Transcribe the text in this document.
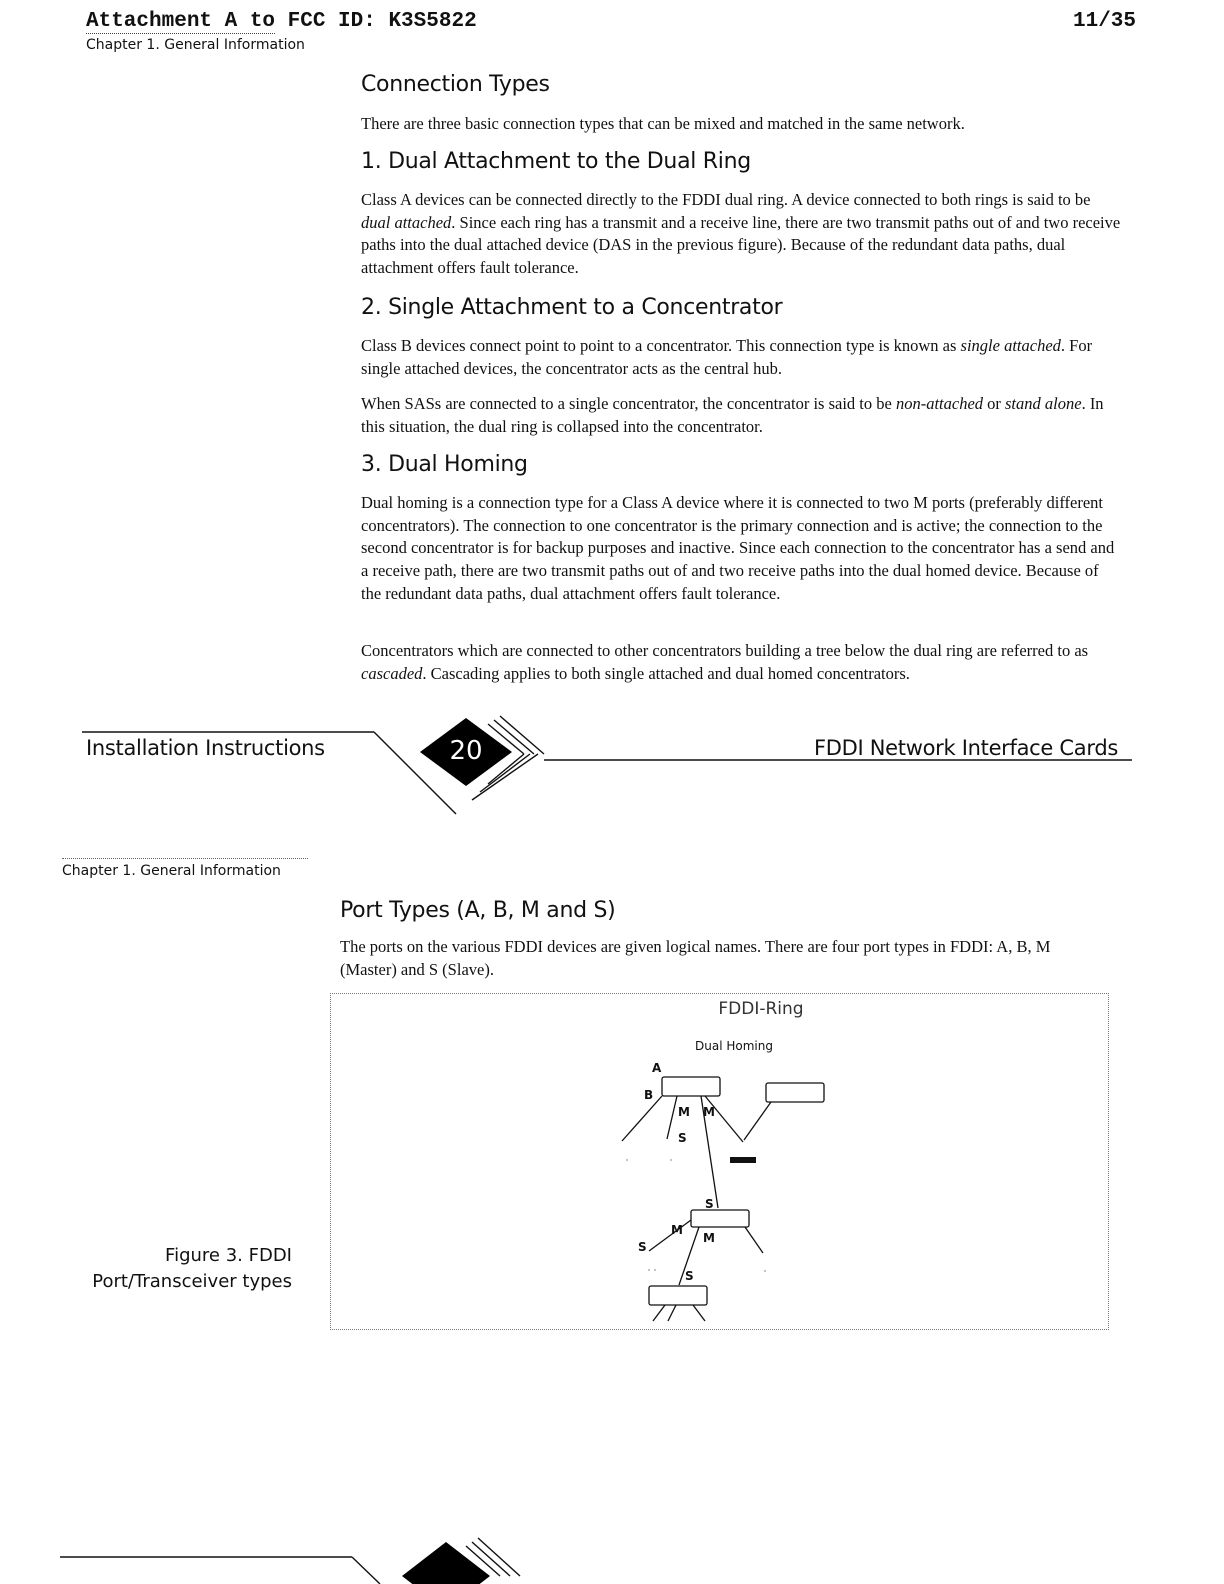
Attachment A to FCC ID: K3S5822	11/35
Chapter 1. General Information
Connection Types

There are three basic connection types that can be mixed and matched in the same network.

1. Dual Attachment to the Dual Ring

Class A devices can be connected directly to the FDDI dual ring. A device connected to both rings is said to be dual attached. Since each ring has a transmit and a receive line, there are two transmit paths out of and two receive paths into the dual attached device (DAS in the previous figure). Because of the redundant data paths, dual attachment offers fault tolerance.

2. Single Attachment to a Concentrator

Class B devices connect point to point to a concentrator. This connection type is known as single attached. For single attached devices, the concentrator acts as the central hub.

When SASs are connected to a single concentrator, the concentrator is said to be non-attached or stand alone. In this situation, the dual ring is collapsed into the concentrator.

3. Dual Homing

Dual homing is a connection type for a Class A device where it is connected to two M ports (preferably different concentrators). The connection to one concentrator is the primary connection and is active; the connection to the second concentrator is for backup purposes and inactive. Since each connection to the concentrator has a send and a receive path, there are two transmit paths out of and two receive paths into the dual homed device. Because of the redundant data paths, dual attachment offers fault tolerance.

Concentrators which are connected to other concentrators building a tree below the dual ring are referred to as cascaded. Cascading applies to both single attached and dual homed concentrators.

Installation Instructions	20	FDDI Network Interface Cards
Chapter 1. General Information
Port Types (A, B, M and S)

The ports on the various FDDI devices are given logical names. There are four port types in FDDI: A, B, M (Master) and S (Slave).

FDDI-Ring
Dual Homing
A
B
M M
S
S
M
S
M
S
Figure 3. FDDI
Port/Transceiver types
